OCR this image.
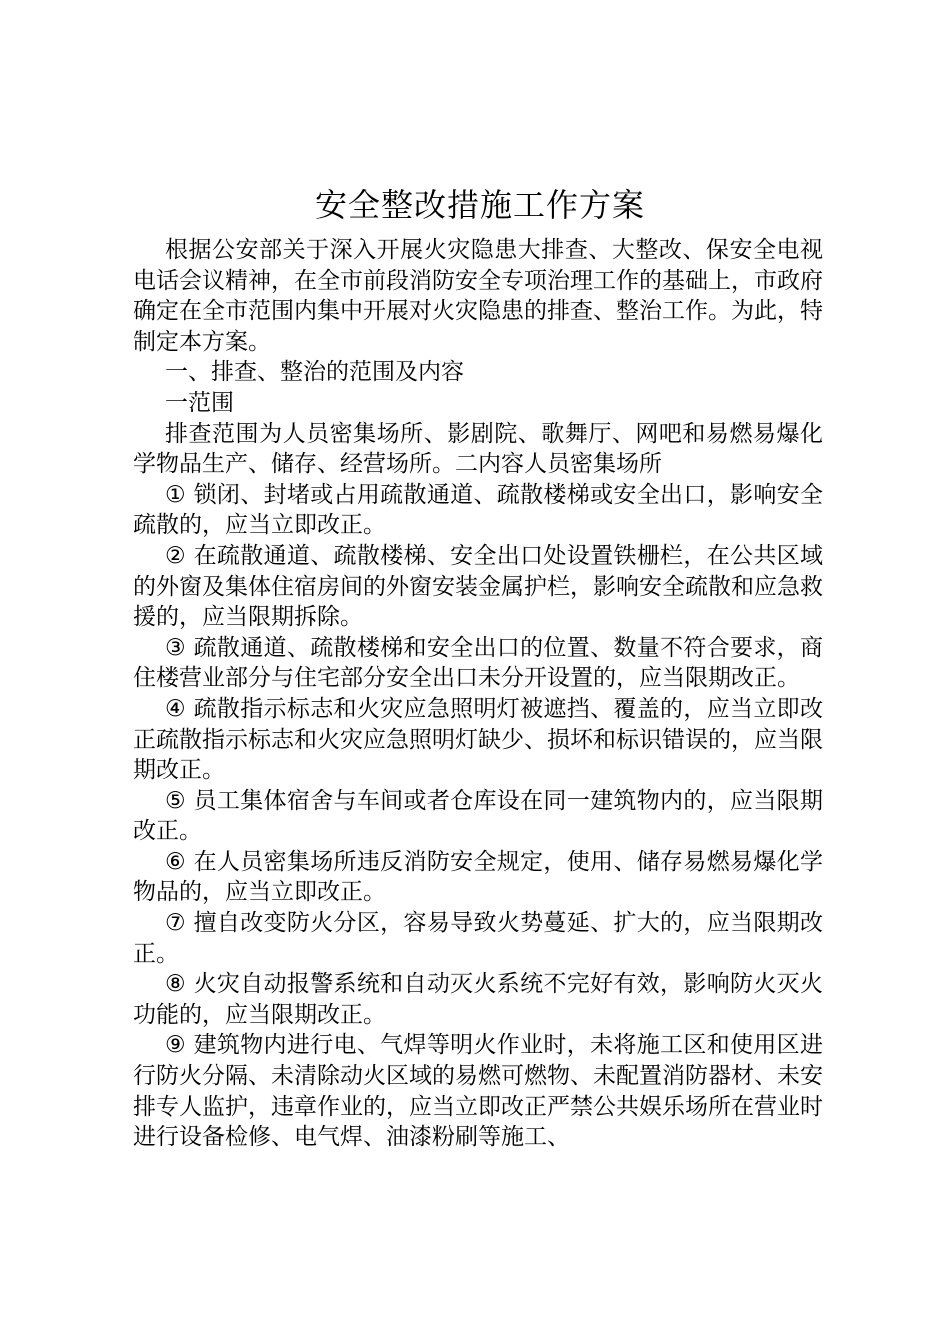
安全整改措施工作方案

根据公安部关于深入开展火灾隐患大排查、大整改、保安全电视电话会议精神，在全市前段消防安全专项治理工作的基础上，市政府确定在全市范围内集中开展对火灾隐患的排查、整治工作。为此，特制定本方案。

一、排查、整治的范围及内容

一范围

排查范围为人员密集场所、影剧院、歌舞厅、网吧和易燃易爆化学物品生产、储存、经营场所。二内容人员密集场所

① 锁闭、封堵或占用疏散通道、疏散楼梯或安全出口，影响安全疏散的，应当立即改正。

② 在疏散通道、疏散楼梯、安全出口处设置铁栅栏，在公共区域的外窗及集体住宿房间的外窗安装金属护栏，影响安全疏散和应急救援的，应当限期拆除。

③ 疏散通道、疏散楼梯和安全出口的位置、数量不符合要求，商住楼营业部分与住宅部分安全出口未分开设置的，应当限期改正。

④ 疏散指示标志和火灾应急照明灯被遮挡、覆盖的，应当立即改正疏散指示标志和火灾应急照明灯缺少、损坏和标识错误的，应当限期改正。

⑤ 员工集体宿舍与车间或者仓库设在同一建筑物内的，应当限期改正。

⑥ 在人员密集场所违反消防安全规定，使用、储存易燃易爆化学物品的，应当立即改正。

⑦ 擅自改变防火分区，容易导致火势蔓延、扩大的，应当限期改正。

⑧ 火灾自动报警系统和自动灭火系统不完好有效，影响防火灭火功能的，应当限期改正。

⑨ 建筑物内进行电、气焊等明火作业时，未将施工区和使用区进行防火分隔、未清除动火区域的易燃可燃物、未配置消防器材、未安排专人监护，违章作业的，应当立即改正严禁公共娱乐场所在营业时进行设备检修、电气焊、油漆粉刷等施工、
